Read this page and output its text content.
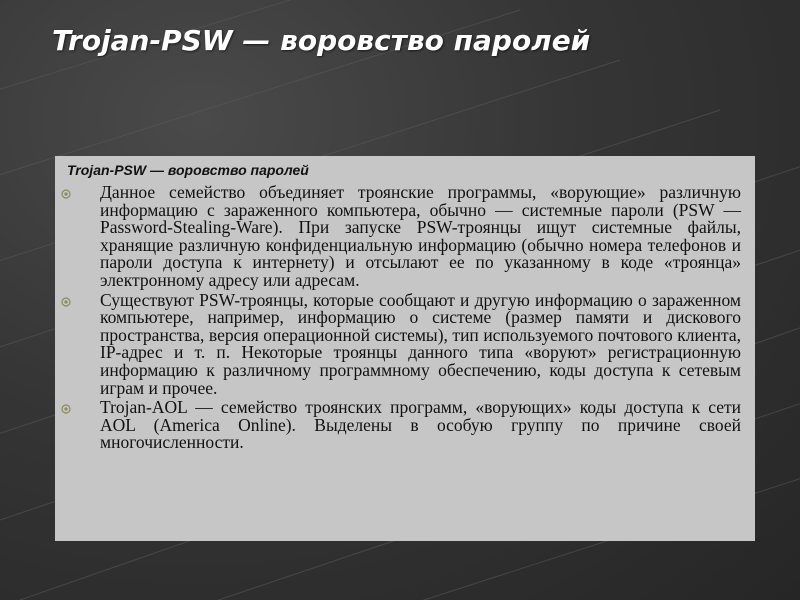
Trojan-PSW — воровство паролей
Trojan-PSW — воровство паролей
Данное семейство объединяет троянские программы, «ворующие» различную информацию с зараженного компьютера, обычно — системные пароли (PSW — Password-Stealing-Ware). При запуске PSW-троянцы ищут системные файлы, хранящие различную конфиденциальную информацию (обычно номера телефонов и пароли доступа к интернету) и отсылают ее по указанному в коде «троянца» электронному адресу или адресам.
Существуют PSW-троянцы, которые сообщают и другую информацию о зараженном компьютере, например, информацию о системе (размер памяти и дискового пространства, версия операционной системы), тип используемого почтового клиента, IP-адрес и т. п. Некоторые троянцы данного типа «воруют» регистрационную информацию к различному программному обеспечению, коды доступа к сетевым играм и прочее.
Trojan-AOL — семейство троянских программ, «ворующих» коды доступа к сети AOL (America Online). Выделены в особую группу по причине своей многочисленности.
